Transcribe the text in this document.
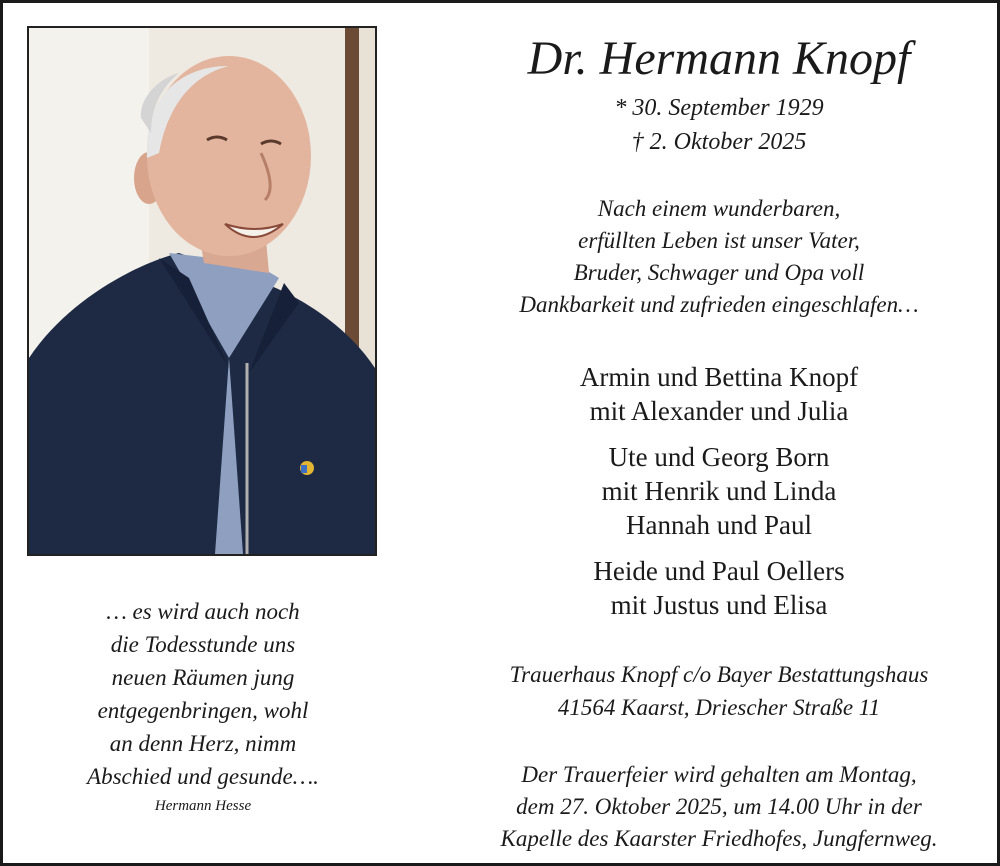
… es wird auch noch
die Todesstunde uns
neuen Räumen jung
entgegenbringen, wohl
an denn Herz, nimm
Abschied und gesunde….
Hermann Hesse
Dr. Hermann Knopf
* 30. September 1929
† 2. Oktober 2025
Nach einem wunderbaren,
erfüllten Leben ist unser Vater,
Bruder, Schwager und Opa voll
Dankbarkeit und zufrieden eingeschlafen…
Armin und Bettina Knopf
mit Alexander und Julia
Ute und Georg Born
mit Henrik und Linda
Hannah und Paul
Heide und Paul Oellers
mit Justus und Elisa
Trauerhaus Knopf c/o Bayer Bestattungshaus
41564 Kaarst, Driescher Straße 11
Der Trauerfeier wird gehalten am Montag,
dem 27. Oktober 2025, um 14.00 Uhr in der
Kapelle des Kaarster Friedhofes, Jungfernweg.
